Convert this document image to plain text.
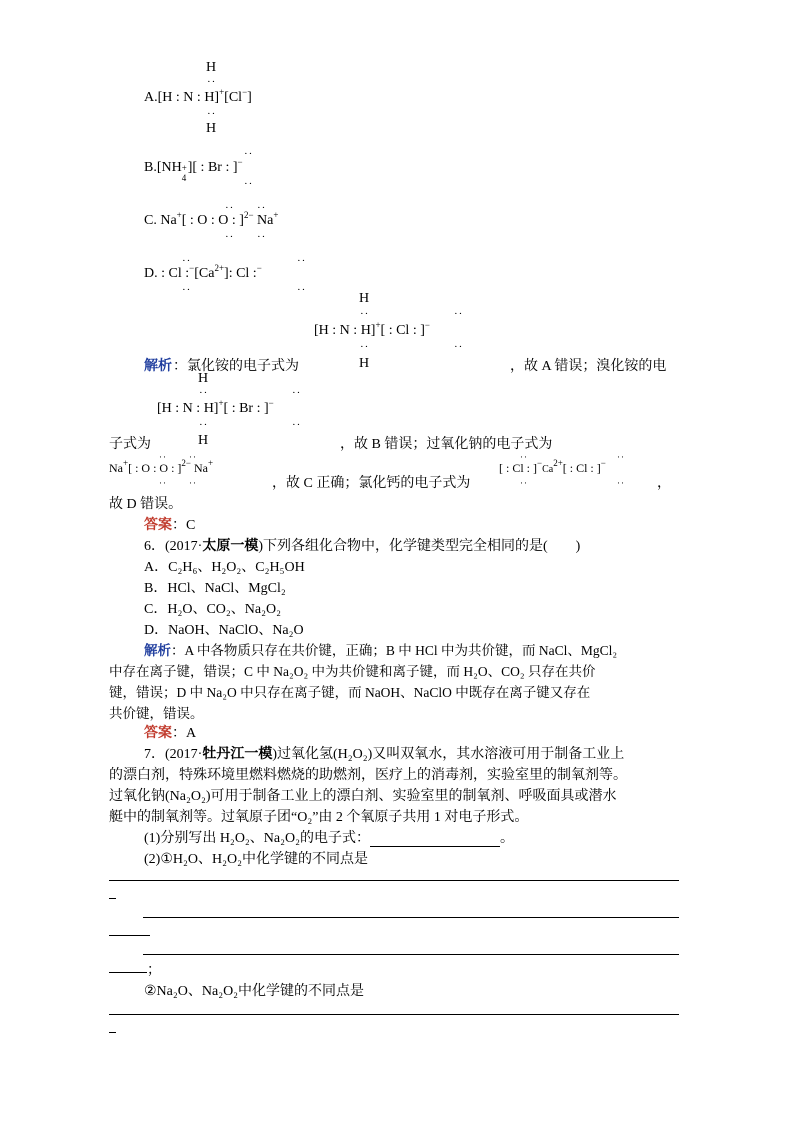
H
··
A.[H : N : H]+[Cl−]
··
H
··
B.[NH +
4
][ : Br : ]−
··
·· ··
C. Na+[ : O : O : ]$^{2-}$ Na+
·· ··
··	··
D. : Cl $:^-[Ca^{2+}]$: Cl :−
··	··
H
··	··
[H : N : H]+[ : Cl : ]−
··	··
H
解析 ：氯化铵的电子式为	，故 A 错误；溴化铵的电
H
··	··
[H : N : H]+[ : Br : ]−
··	··
H
子式为	，故 B 错误；过氧化钠的电子式为
·· ··
Na+[ : O : O : ]$^{2-}$ Na+
·· ··	，故 C 正确；氯化钙的电子式为
··	··
[ : Cl : ]$^-Ca^{2+}$[ : Cl : ]−
··	·· ，
故 D 错误。
答案：C
6．(2017·太原一模)下列各组化合物中，化学键类型完全相同的是(　　)
A．C₂H₆、H₂O₂、C₂H₅OH
B．HCl、NaCl、MgCl₂
C．H₂O、CO₂、Na₂O₂
D．NaOH、NaClO、Na₂O
解析：A 中各物质只存在共价键，正确；B 中 HCl 中为共价键，而 NaCl、MgCl₂
中存在离子键，错误；C 中 Na₂O₂ 中为共价键和离子键，而 H₂O、CO₂ 只存在共价
键，错误；D 中 Na₂O 中只存在离子键，而 NaOH、NaClO 中既存在离子键又存在
共价键，错误。
答案：A
7．(2017·牡丹江一模)过氧化氢(H₂O₂)又叫双氧水，其水溶液可用于制备工业上
的漂白剂，特殊环境里燃料燃烧的助燃剂，医疗上的消毒剂，实验室里的制氧剂等。
过氧化钠(Na₂O₂)可用于制备工业上的漂白剂、实验室里的制氧剂、呼吸面具或潜水
艇中的制氧剂等。过氧原子团“O₂”由 2 个氧原子共用 1 对电子形式。
(1)分别写出 H₂O₂、Na₂O₂的电子式：	。
(2)①H₂O、H₂O₂中化学键的不同点是
；
②Na₂O、Na₂O₂中化学键的不同点是
